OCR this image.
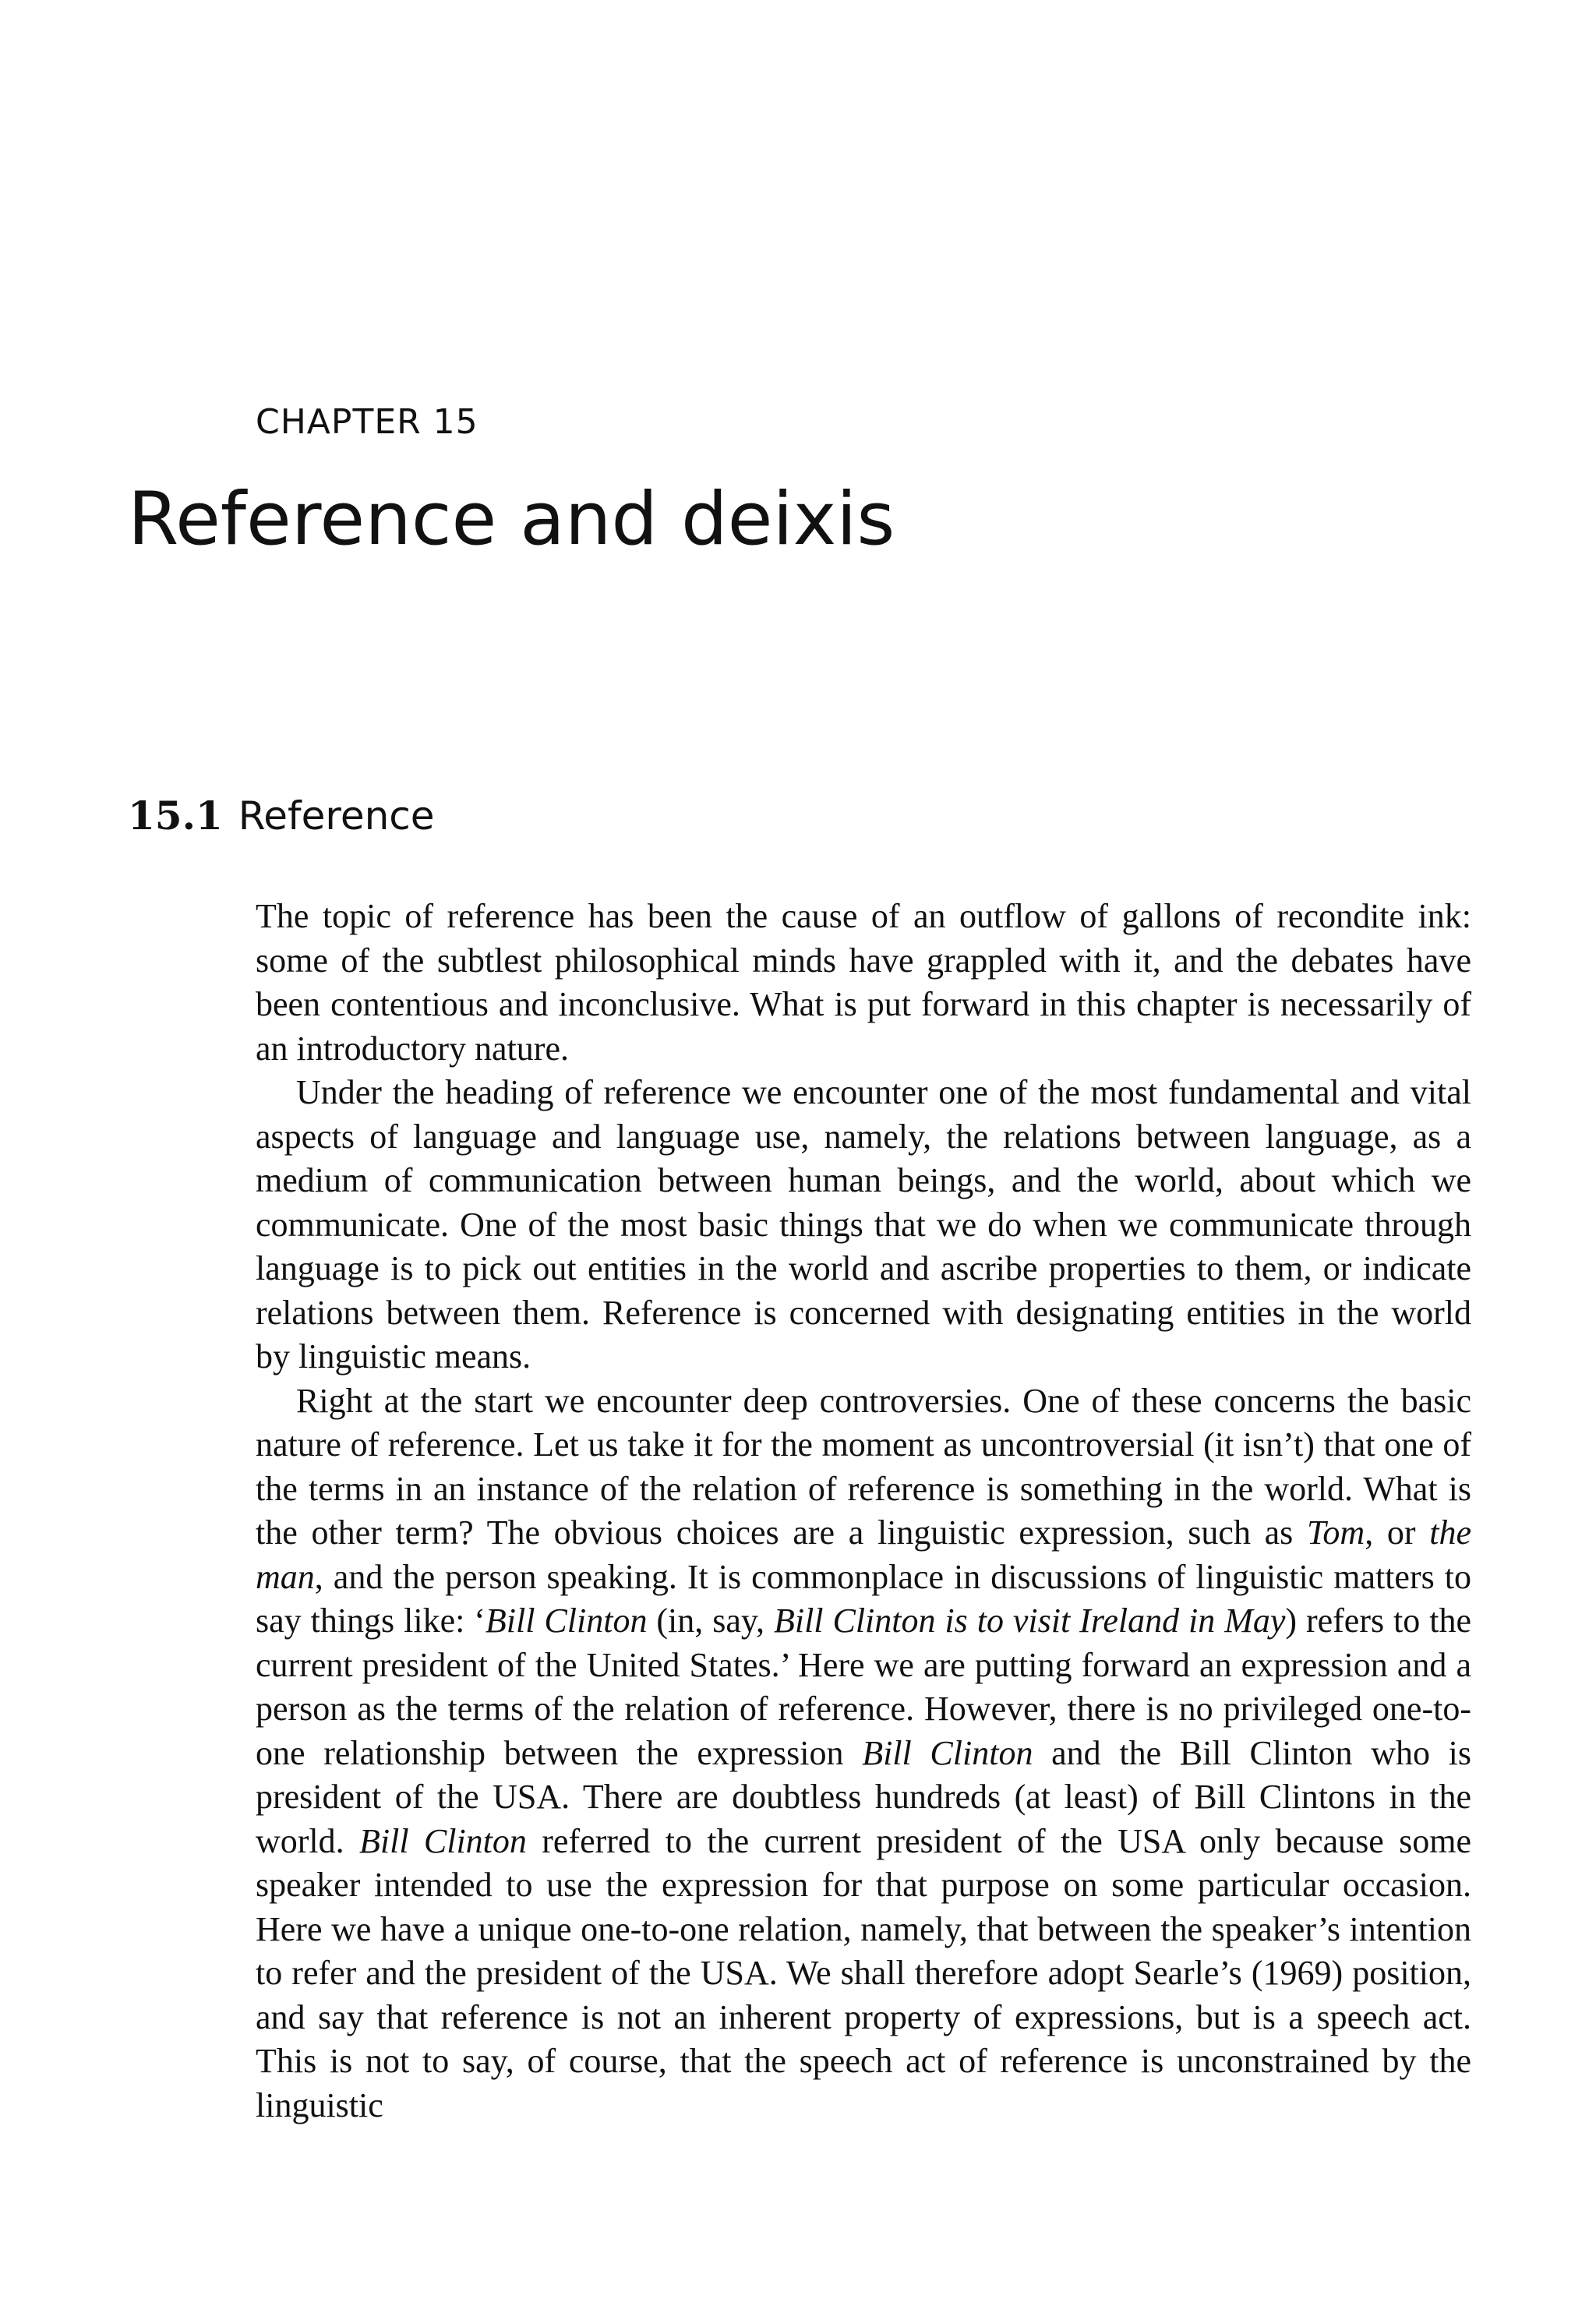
CHAPTER 15
Reference and deixis
15.1 Reference

The topic of reference has been the cause of an outflow of gallons of recondite ink: some of the subtlest philosophical minds have grappled with it, and the debates have been contentious and inconclusive. What is put forward in this chapter is necessarily of an introductory nature.

Under the heading of reference we encounter one of the most fundamental and vital aspects of language and language use, namely, the relations between language, as a medium of communication between human beings, and the world, about which we communicate. One of the most basic things that we do when we communicate through language is to pick out entities in the world and ascribe properties to them, or indicate relations between them. Reference is concerned with designating entities in the world by linguistic means.

Right at the start we encounter deep controversies. One of these concerns the basic nature of reference. Let us take it for the moment as uncontroversial (it isn’t) that one of the terms in an instance of the relation of reference is something in the world. What is the other term? The obvious choices are a linguistic expression, such as Tom, or the man, and the person speaking. It is commonplace in discussions of linguistic matters to say things like: ‘Bill Clinton (in, say, Bill Clinton is to visit Ireland in May) refers to the current president of the United States.’ Here we are putting forward an expression and a person as the terms of the relation of reference. However, there is no privileged one-to-one relationship between the expression Bill Clinton and the Bill Clinton who is president of the USA. There are doubtless hundreds (at least) of Bill Clintons in the world. Bill Clinton referred to the current president of the USA only because some speaker intended to use the expression for that purpose on some particular occasion. Here we have a unique one-to-one relation, namely, that between the speaker’s intention to refer and the president of the USA. We shall therefore adopt Searle’s (1969) position, and say that reference is not an inherent property of expressions, but is a speech act. This is not to say, of course, that the speech act of reference is unconstrained by the linguistic
